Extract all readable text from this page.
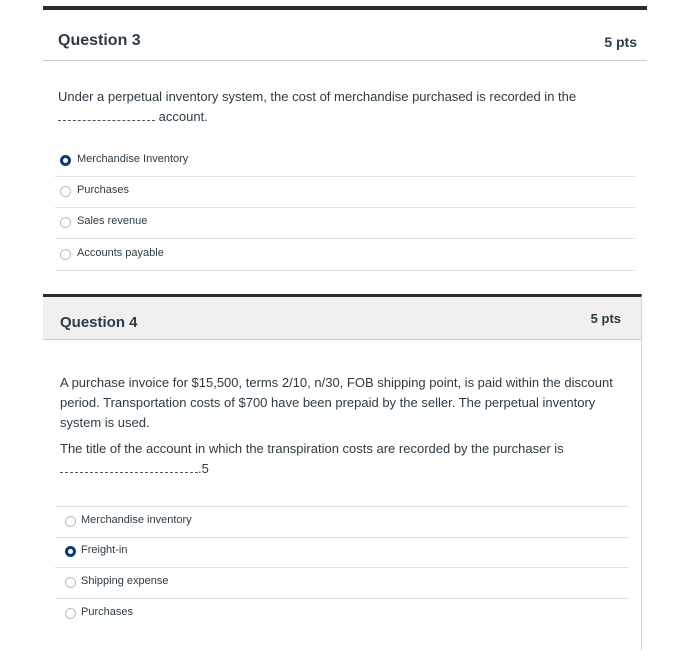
Question 3	5 pts
Under a perpetual inventory system, the cost of merchandise purchased is recorded in the
account.
Merchandise Inventory
Purchases
Sales revenue
Accounts payable
Question 4	5 pts
A purchase invoice for $15,500, terms 2/10, n/30, FOB shipping point, is paid within the discount
period. Transportation costs of $700 have been prepaid by the seller. The perpetual inventory
system is used.
The title of the account in which the transpiration costs are recorded by the purchaser is
.5
Merchandise inventory
Freight-in
Shipping expense
Purchases
